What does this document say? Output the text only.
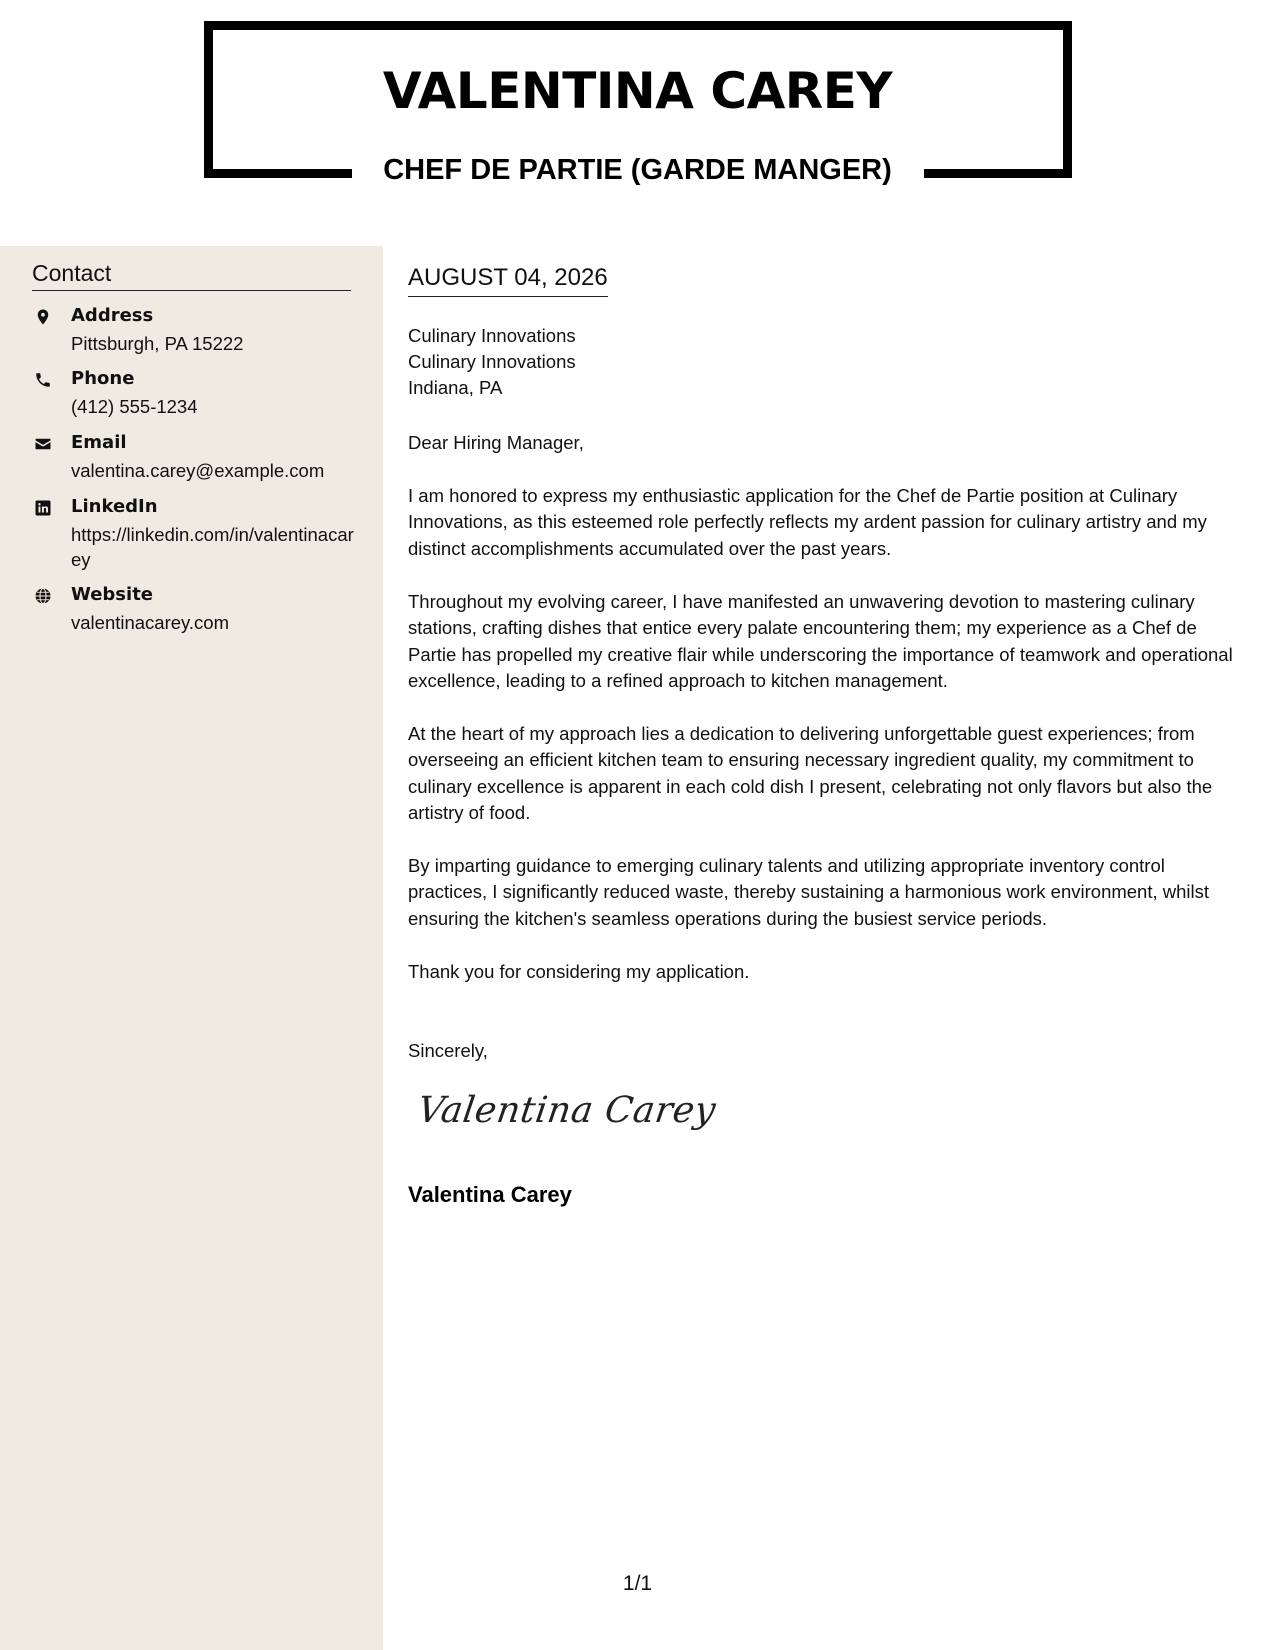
VALENTINA CAREY
CHEF DE PARTIE (GARDE MANGER)
Contact
Address
Pittsburgh, PA 15222
Phone
(412) 555-1234
Email
valentina.carey@example.com
LinkedIn
https://linkedin.com/in/valentinacarey
Website
valentinacarey.com
AUGUST 04, 2026
Culinary Innovations
Culinary Innovations
Indiana, PA
Dear Hiring Manager,
I am honored to express my enthusiastic application for the Chef de Partie position at Culinary Innovations, as this esteemed role perfectly reflects my ardent passion for culinary artistry and my distinct accomplishments accumulated over the past years.
Throughout my evolving career, I have manifested an unwavering devotion to mastering culinary stations, crafting dishes that entice every palate encountering them; my experience as a Chef de Partie has propelled my creative flair while underscoring the importance of teamwork and operational excellence, leading to a refined approach to kitchen management.
At the heart of my approach lies a dedication to delivering unforgettable guest experiences; from overseeing an efficient kitchen team to ensuring necessary ingredient quality, my commitment to culinary excellence is apparent in each cold dish I present, celebrating not only flavors but also the artistry of food.
By imparting guidance to emerging culinary talents and utilizing appropriate inventory control practices, I significantly reduced waste, thereby sustaining a harmonious work environment, whilst ensuring the kitchen's seamless operations during the busiest service periods.
Thank you for considering my application.
Sincerely,
Valentina Carey
Valentina Carey
1/1
